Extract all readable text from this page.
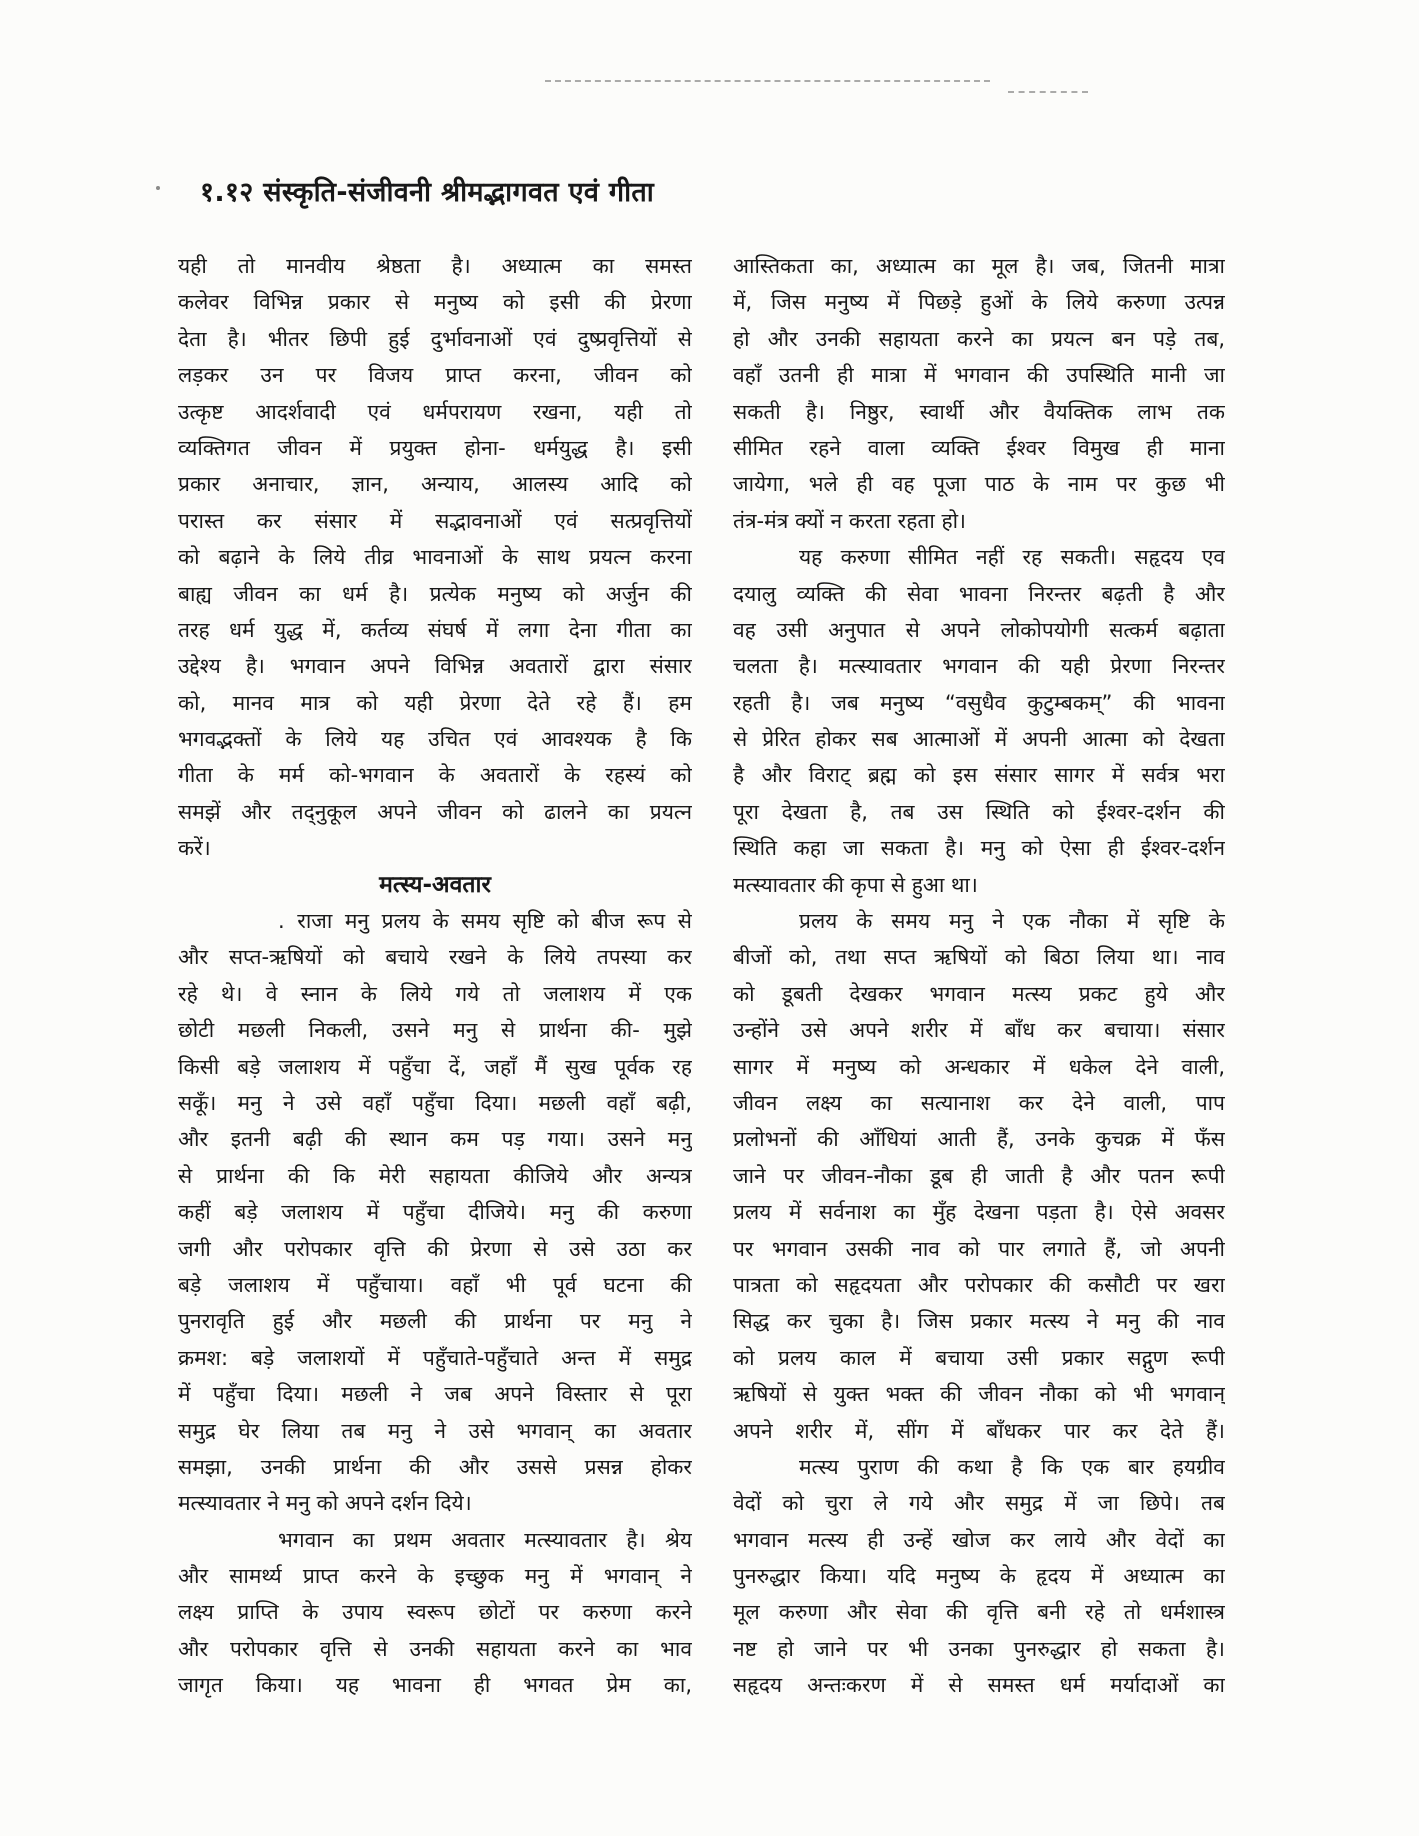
१.१२ संस्कृति-संजीवनी श्रीमद्भागवत एवं गीता
यही तो मानवीय श्रेष्ठता है। अध्यात्म का समस्त
कलेवर विभिन्न प्रकार से मनुष्य को इसी की प्रेरणा
देता है। भीतर छिपी हुई दुर्भावनाओं एवं दुष्प्रवृत्तियों से
लड़कर उन पर विजय प्राप्त करना, जीवन को
उत्कृष्ट आदर्शवादी एवं धर्मपरायण रखना, यही तो
व्यक्तिगत जीवन में प्रयुक्त होना- धर्मयुद्ध है। इसी
प्रकार अनाचार, ज्ञान, अन्याय, आलस्य आदि को
परास्त कर संसार में सद्भावनाओं एवं सत्प्रवृत्तियों
को बढ़ाने के लिये तीव्र भावनाओं के साथ प्रयत्न करना
बाह्य जीवन का धर्म है। प्रत्येक मनुष्य को अर्जुन की
तरह धर्म युद्ध में, कर्तव्य संघर्ष में लगा देना गीता का
उद्देश्य है। भगवान अपने विभिन्न अवतारों द्वारा संसार
को, मानव मात्र को यही प्रेरणा देते रहे हैं। हम
भगवद्भक्तों के लिये यह उचित एवं आवश्यक है कि
गीता के मर्म को-भगवान के अवतारों के रहस्यं को
समझें और तद्नुकूल अपने जीवन को ढालने का प्रयत्न
करें।
मत्स्य-अवतार
. राजा मनु प्रलय के समय सृष्टि को बीज रूप से
और सप्त-ऋषियों को बचाये रखने के लिये तपस्या कर
रहे थे। वे स्नान के लिये गये तो जलाशय में एक
छोटी मछली निकली, उसने मनु से प्रार्थना की- मुझे
किसी बड़े जलाशय में पहुँचा दें, जहाँ मैं सुख पूर्वक रह
सकूँ। मनु ने उसे वहाँ पहुँचा दिया। मछली वहाँ बढ़ी,
और इतनी बढ़ी की स्थान कम पड़ गया। उसने मनु
से प्रार्थना की कि मेरी सहायता कीजिये और अन्यत्र
कहीं बड़े जलाशय में पहुँचा दीजिये। मनु की करुणा
जगी और परोपकार वृत्ति की प्रेरणा से उसे उठा कर
बड़े जलाशय में पहुँचाया। वहाँ भी पूर्व घटना की
पुनरावृति हुई और मछली की प्रार्थना पर मनु ने
क्रमश: बड़े जलाशयों में पहुँचाते-पहुँचाते अन्त में समुद्र
में पहुँचा दिया। मछली ने जब अपने विस्तार से पूरा
समुद्र घेर लिया तब मनु ने उसे भगवान् का अवतार
समझा, उनकी प्रार्थना की और उससे प्रसन्न होकर
मत्स्यावतार ने मनु को अपने दर्शन दिये।
भगवान का प्रथम अवतार मत्स्यावतार है। श्रेय
और सामर्थ्य प्राप्त करने के इच्छुक मनु में भगवान् ने
लक्ष्य प्राप्ति के उपाय स्वरूप छोटों पर करुणा करने
और परोपकार वृत्ति से उनकी सहायता करने का भाव
जागृत किया। यह भावना ही भगवत प्रेम का,
आस्तिकता का, अध्यात्म का मूल है। जब, जितनी मात्रा
में, जिस मनुष्य में पिछड़े हुओं के लिये करुणा उत्पन्न
हो और उनकी सहायता करने का प्रयत्न बन पड़े तब,
वहाँ उतनी ही मात्रा में भगवान की उपस्थिति मानी जा
सकती है। निष्ठुर, स्वार्थी और वैयक्तिक लाभ तक
सीमित रहने वाला व्यक्ति ईश्वर विमुख ही माना
जायेगा, भले ही वह पूजा पाठ के नाम पर कुछ भी
तंत्र-मंत्र क्यों न करता रहता हो।
यह करुणा सीमित नहीं रह सकती। सहृदय एव
दयालु व्यक्ति की सेवा भावना निरन्तर बढ़ती है और
वह उसी अनुपात से अपने लोकोपयोगी सत्कर्म बढ़ाता
चलता है। मत्स्यावतार भगवान की यही प्रेरणा निरन्तर
रहती है। जब मनुष्य “वसुधैव कुटुम्बकम्” की भावना
से प्रेरित होकर सब आत्माओं में अपनी आत्मा को देखता
है और विराट् ब्रह्म को इस संसार सागर में सर्वत्र भरा
पूरा देखता है, तब उस स्थिति को ईश्वर-दर्शन की
स्थिति कहा जा सकता है। मनु को ऐसा ही ईश्वर-दर्शन
मत्स्यावतार की कृपा से हुआ था।
प्रलय के समय मनु ने एक नौका में सृष्टि के
बीजों को, तथा सप्त ऋषियों को बिठा लिया था। नाव
को डूबती देखकर भगवान मत्स्य प्रकट हुये और
उन्होंने उसे अपने शरीर में बाँध कर बचाया। संसार
सागर में मनुष्य को अन्धकार में धकेल देने वाली,
जीवन लक्ष्य का सत्यानाश कर देने वाली, पाप
प्रलोभनों की आँधियां आती हैं, उनके कुचक्र में फँस
जाने पर जीवन-नौका डूब ही जाती है और पतन रूपी
प्रलय में सर्वनाश का मुँह देखना पड़ता है। ऐसे अवसर
पर भगवान उसकी नाव को पार लगाते हैं, जो अपनी
पात्रता को सहृदयता और परोपकार की कसौटी पर खरा
सिद्ध कर चुका है। जिस प्रकार मत्स्य ने मनु की नाव
को प्रलय काल में बचाया उसी प्रकार सद्गुण रूपी
ऋषियों से युक्त भक्त की जीवन नौका को भी भगवान्
अपने शरीर में, सींग में बाँधकर पार कर देते हैं।
मत्स्य पुराण की कथा है कि एक बार हयग्रीव
वेदों को चुरा ले गये और समुद्र में जा छिपे। तब
भगवान मत्स्य ही उन्हें खोज कर लाये और वेदों का
पुनरुद्धार किया। यदि मनुष्य के हृदय में अध्यात्म का
मूल करुणा और सेवा की वृत्ति बनी रहे तो धर्मशास्त्र
नष्ट हो जाने पर भी उनका पुनरुद्धार हो सकता है।
सहृदय अन्तःकरण में से समस्त धर्म मर्यादाओं का
